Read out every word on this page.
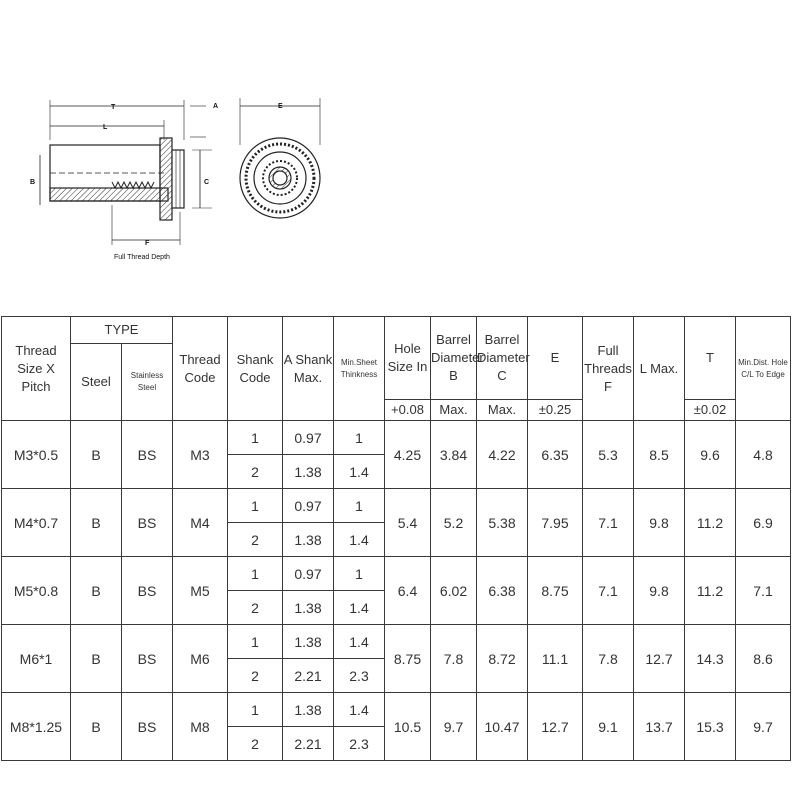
T
L
A	E
B	C
F
Full Thread Depth
Thread Size X Pitch	TYPE		Thread Code	Shank Code	A Shank Max.	Min.Sheet Thinkness	Hole Size In	Barrel Diameter B	Barrel Diameter C	E	Full Threads F	L Max.	T	Min.Dist. Hole C/L To Edge
	Steel	Stainless Steel												
							+0.08	Max.	Max.	±0.25			±0.02	
M3*0.5	B	BS	M3	1	0.97	1	4.25	3.84	4.22	6.35	5.3	8.5	9.6	4.8
				2	1.38	1.4								
M4*0.7	B	BS	M4	1	0.97	1	5.4	5.2	5.38	7.95	7.1	9.8	11.2	6.9
				2	1.38	1.4								
M5*0.8	B	BS	M5	1	0.97	1	6.4	6.02	6.38	8.75	7.1	9.8	11.2	7.1
				2	1.38	1.4								
M6*1	B	BS	M6	1	1.38	1.4	8.75	7.8	8.72	11.1	7.8	12.7	14.3	8.6
				2	2.21	2.3								
M8*1.25	B	BS	M8	1	1.38	1.4	10.5	9.7	10.47	12.7	9.1	13.7	15.3	9.7
				2	2.21	2.3								
